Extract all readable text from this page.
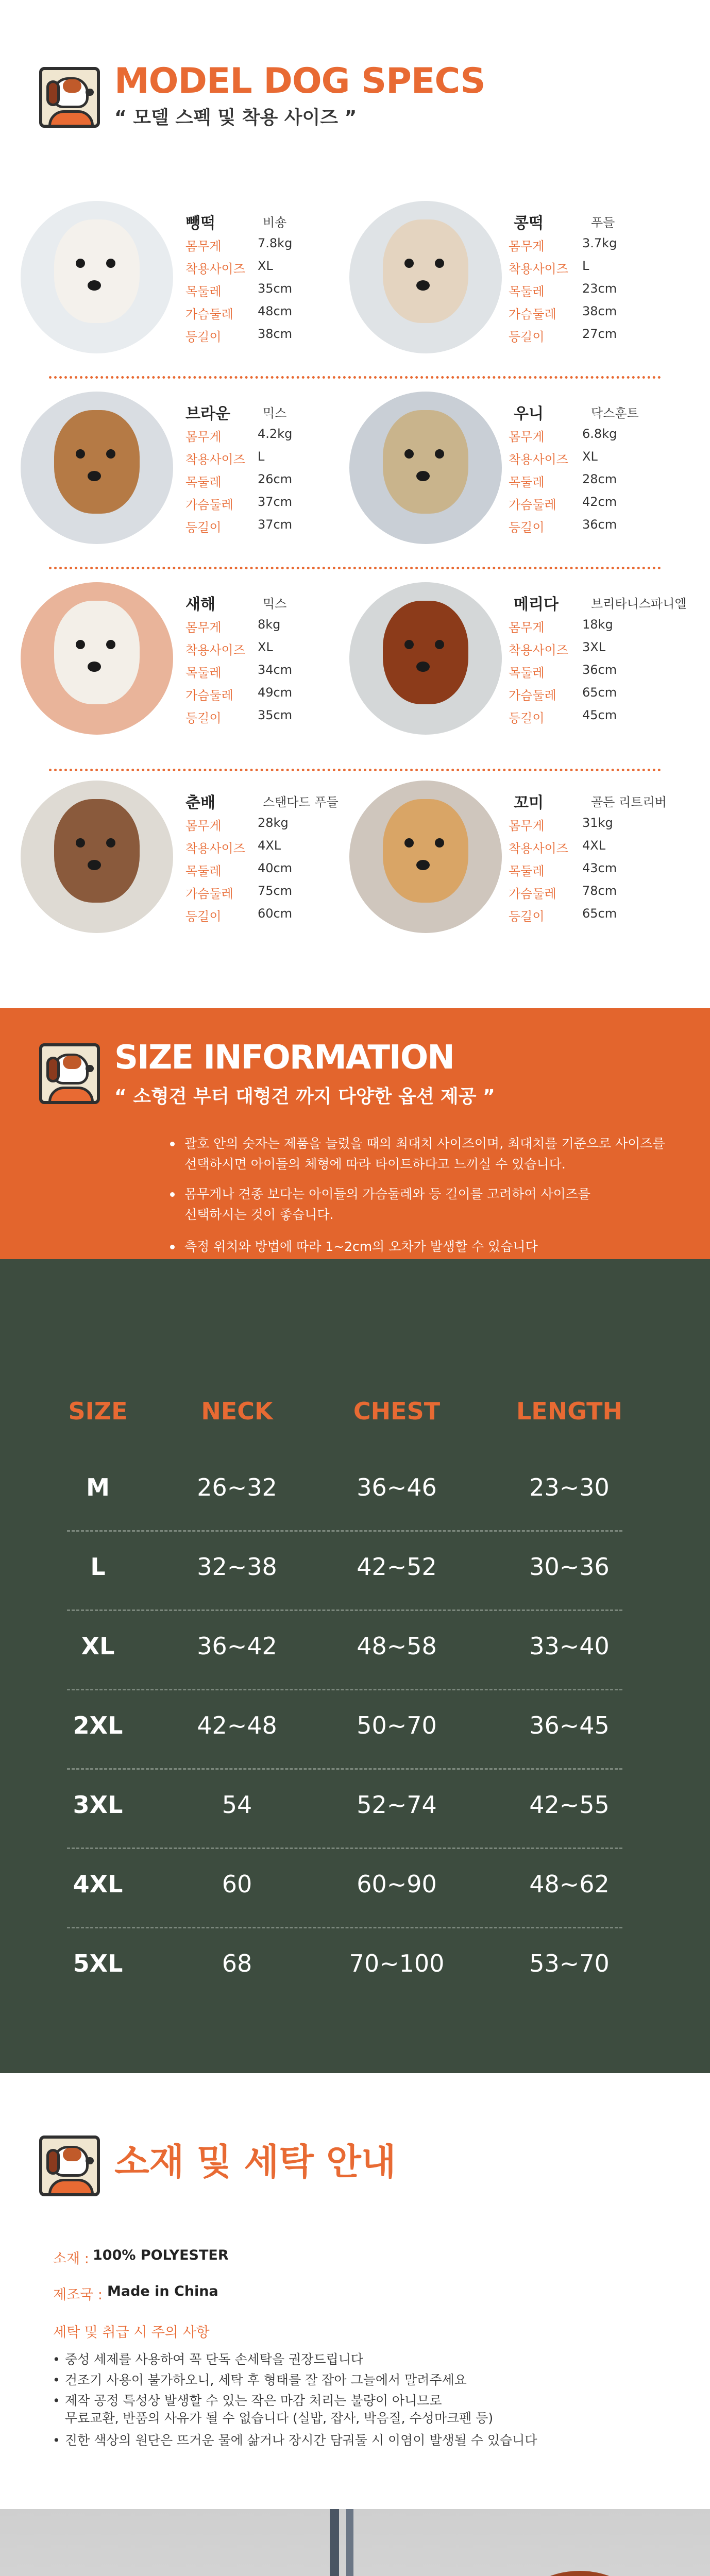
MODEL DOG SPECS
“ 모델 스펙 및 착용 사이즈 ”
뺑떡	비숑
몸무게	7.8kg
착용사이즈 XL
목둘레	35cm
가슴둘레 48cm
등길이	38cm
콩떡	푸들
몸무게	3.7kg
착용사이즈 L
목둘레	23cm
가슴둘레 38cm
등길이	27cm
브라운	믹스
몸무게	4.2kg
착용사이즈 L
목둘레	26cm
가슴둘레 37cm
등길이	37cm
우니	닥스훈트
몸무게	6.8kg
착용사이즈 XL
목둘레	28cm
가슴둘레 42cm
등길이	36cm
새해	믹스
몸무게	8kg
착용사이즈 XL
목둘레	34cm
가슴둘레 49cm
등길이	35cm
메리다	브리타니스파니엘
몸무게	18kg
착용사이즈 3XL
목둘레	36cm
가슴둘레 65cm
등길이	45cm
춘배	스탠다드 푸들
몸무게	28kg
착용사이즈 4XL
목둘레	40cm
가슴둘레 75cm
등길이	60cm
꼬미	골든 리트리버
몸무게	31kg
착용사이즈 4XL
목둘레	43cm
가슴둘레 78cm
등길이	65cm
SIZE INFORMATION
“ 소형견 부터 대형견 까지 다양한 옵션 제공 ”
괄호 안의 숫자는 제품을 늘렸을 때의 최대치 사이즈이며, 최대치를 기준으로 사이즈를
선택하시면 아이들의 체형에 따라 타이트하다고 느끼실 수 있습니다.
몸무게나 견종 보다는 아이들의 가슴둘레와 등 길이를 고려하여 사이즈를
선택하시는 것이 좋습니다.
측정 위치와 방법에 따라 1~2cm의 오차가 발생할 수 있습니다
SIZE	NECK	CHEST	LENGTH
M	26~32	36~46	23~30
L	32~38	42~52	30~36
XL	36~42	48~58	33~40
2XL	42~48	50~70	36~45
3XL	54	52~74	42~55
4XL	60	60~90	48~62
5XL	68	70~100	53~70
소재 및 세탁 안내
소재 : 100% POLYESTER
제조국 : Made in China
세탁 및 취급 시 주의 사항
• 중성 세제를 사용하여 꼭 단독 손세탁을 권장드립니다
• 건조기 사용이 불가하오니, 세탁 후 형태를 잘 잡아 그늘에서 말려주세요
• 제작 공정 특성상 발생할 수 있는 작은 마감 처리는 불량이 아니므로
무료교환, 반품의 사유가 될 수 없습니다 (실밥, 잡사, 박음질, 수성마크펜 등)
• 진한 색상의 원단은 뜨거운 물에 삶거나 장시간 담궈둘 시 이염이 발생될 수 있습니다
